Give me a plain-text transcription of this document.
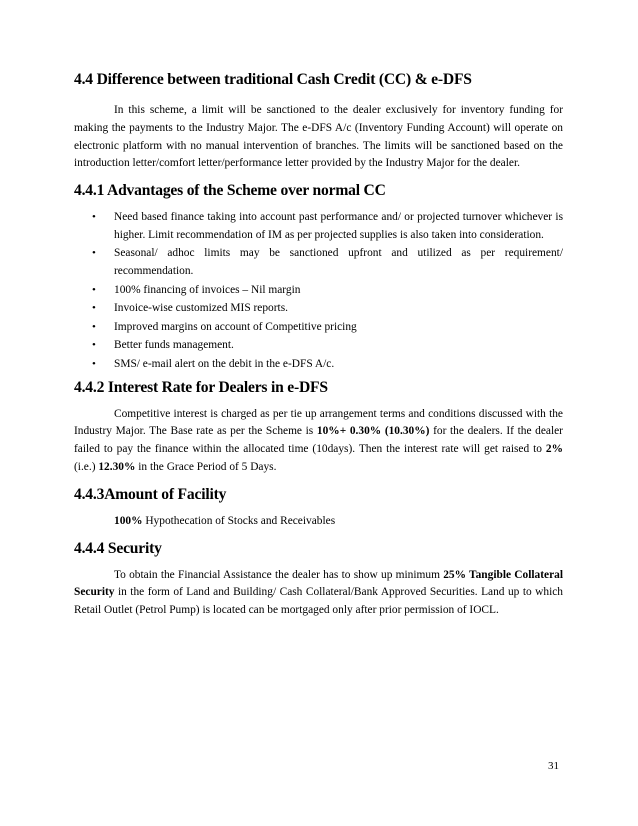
4.4 Difference between traditional Cash Credit (CC) & e-DFS

In this scheme, a limit will be sanctioned to the dealer exclusively for inventory funding for making the payments to the Industry Major. The e-DFS A/c (Inventory Funding Account) will operate on electronic platform with no manual intervention of branches. The limits will be sanctioned based on the introduction letter/comfort letter/performance letter provided by the Industry Major for the dealer.

4.4.1 Advantages of the Scheme over normal CC
• Need based finance taking into account past performance and/ or projected turnover whichever is higher. Limit recommendation of IM as per projected supplies is also taken into consideration.
• Seasonal/ adhoc limits may be sanctioned upfront and utilized as per requirement/ recommendation.
• 100% financing of invoices – Nil margin
• Invoice-wise customized MIS reports.
• Improved margins on account of Competitive pricing
• Better funds management.
• SMS/ e-mail alert on the debit in the e-DFS A/c.
4.4.2 Interest Rate for Dealers in e-DFS

Competitive interest is charged as per tie up arrangement terms and conditions discussed with the Industry Major. The Base rate as per the Scheme is 10%+ 0.30% (10.30%) for the dealers. If the dealer failed to pay the finance within the allocated time (10days). Then the interest rate will get raised to 2% (i.e.) 12.30% in the Grace Period of 5 Days.

4.4.3Amount of Facility

100% Hypothecation of Stocks and Receivables

4.4.4 Security

To obtain the Financial Assistance the dealer has to show up minimum 25% Tangible Collateral Security in the form of Land and Building/ Cash Collateral/Bank Approved Securities. Land up to which Retail Outlet (Petrol Pump) is located can be mortgaged only after prior permission of IOCL.

31
